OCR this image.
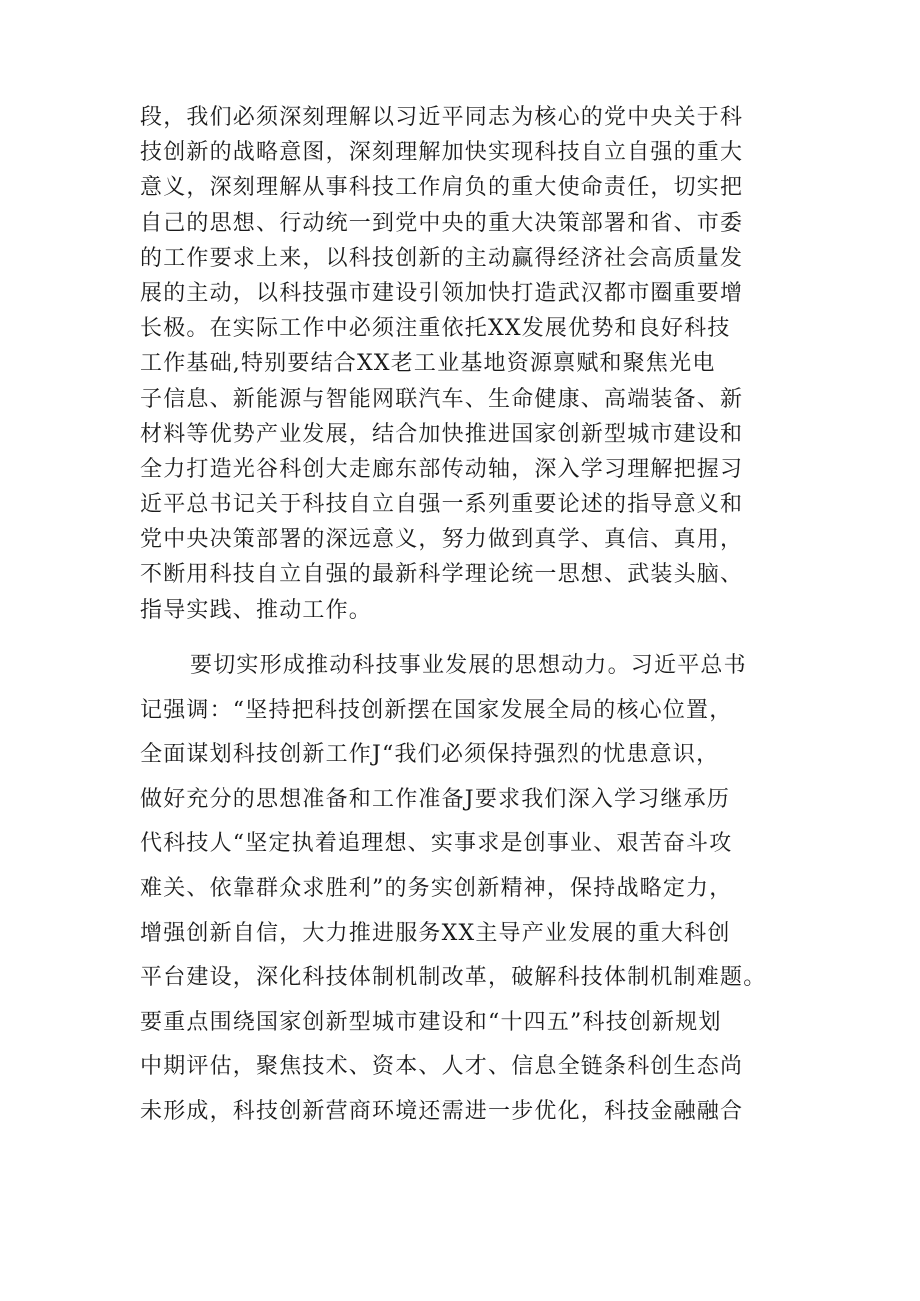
段，我们必须深刻理解以习近平同志为核心的党中央关于科
技创新的战略意图，深刻理解加快实现科技自立自强的重大
意义，深刻理解从事科技工作肩负的重大使命责任，切实把
自己的思想、行动统一到党中央的重大决策部署和省、市委
的工作要求上来，以科技创新的主动赢得经济社会高质量发
展的主动，以科技强市建设引领加快打造武汉都市圈重要增
长极。在实际工作中必须注重依托XX发展优势和良好科技
工作基础,特别要结合XX老工业基地资源禀赋和聚焦光电
子信息、新能源与智能网联汽车、生命健康、高端装备、新
材料等优势产业发展，结合加快推进国家创新型城市建设和
全力打造光谷科创大走廊东部传动轴，深入学习理解把握习
近平总书记关于科技自立自强一系列重要论述的指导意义和
党中央决策部署的深远意义，努力做到真学、真信、真用，
不断用科技自立自强的最新科学理论统一思想、武装头脑、
指导实践、推动工作。
要切实形成推动科技事业发展的思想动力。习近平总书
记强调：“坚持把科技创新摆在国家发展全局的核心位置，
全面谋划科技创新工作J“我们必须保持强烈的忧患意识，
做好充分的思想准备和工作准备J要求我们深入学习继承历
代科技人“坚定执着追理想、实事求是创事业、艰苦奋斗攻
难关、依靠群众求胜利”的务实创新精神，保持战略定力，
增强创新自信，大力推进服务XX主导产业发展的重大科创
平台建设，深化科技体制机制改革，破解科技体制机制难题。
要重点围绕国家创新型城市建设和“十四五”科技创新规划
中期评估，聚焦技术、资本、人才、信息全链条科创生态尚
未形成，科技创新营商环境还需进一步优化，科技金融融合
